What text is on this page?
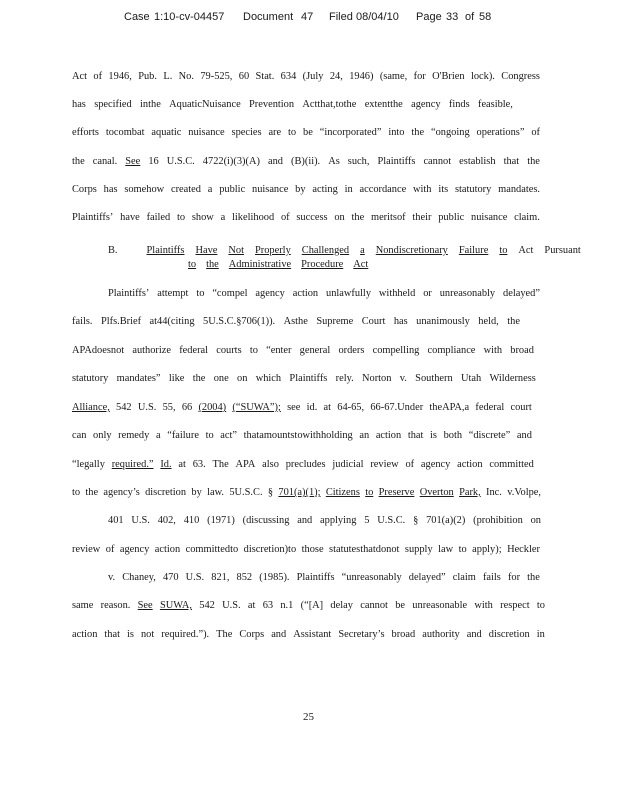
Case 1:10-cv-04457 Document 47 Filed 08/04/10 Page 33 of 58
Act of 1946, Pub. L. No. 79-525, 60 Stat. 634 (July 24, 1946) (same, for O'Brien lock). Congress
has specified inthe AquaticNuisance Prevention Actthat,tothe extentthe agency finds feasible,
efforts tocombat aquatic nuisance species are to be “incorporated” into the “ongoing operations” of
the canal. See 16 U.S.C. 4722(i)(3)(A) and (B)(ii). As such, Plaintiffs cannot establish that the
Corps has somehow created a public nuisance by acting in accordance with its statutory mandates.
Plaintiffs’ have failed to show a likelihood of success on the meritsof their public nuisance claim.
B.	Plaintiffs Have Not Properly Challenged a Nondiscretionary Failure to Act Pursuant
to the Administrative Procedure Act
Plaintiffs’ attempt to “compel agency action unlawfully withheld or unreasonably delayed”
fails. Plfs.Brief at44(citing 5U.S.C.§706(1)). Asthe Supreme Court has unanimously held, the
APAdoesnot authorize federal courts to “enter general orders compelling compliance with broad
statutory mandates” like the one on which Plaintiffs rely. Norton v. Southern Utah Wilderness
Alliance, 542 U.S. 55, 66 (2004) (“SUWA”); see id. at 64-65, 66-67.Under theAPA,a federal court
can only remedy a “failure to act” thatamountstowithholding an action that is both “discrete” and
“legally required.” Id. at 63. The APA also precludes judicial review of agency action committed
to the agency’s discretion by law. 5U.S.C. § 701(a)(1); Citizens to Preserve Overton Park, Inc. v.Volpe,
401 U.S. 402, 410 (1971) (discussing and applying 5 U.S.C. § 701(a)(2) (prohibition on
review of agency action committedto discretion)to those statutesthatdonot supply law to apply); Heckler
v. Chaney, 470 U.S. 821, 852 (1985). Plaintiffs “unreasonably delayed” claim fails for the
same reason. See SUWA, 542 U.S. at 63 n.1 (“[A] delay cannot be unreasonable with respect to
action that is not required.”). The Corps and Assistant Secretary’s broad authority and discretion in
25
